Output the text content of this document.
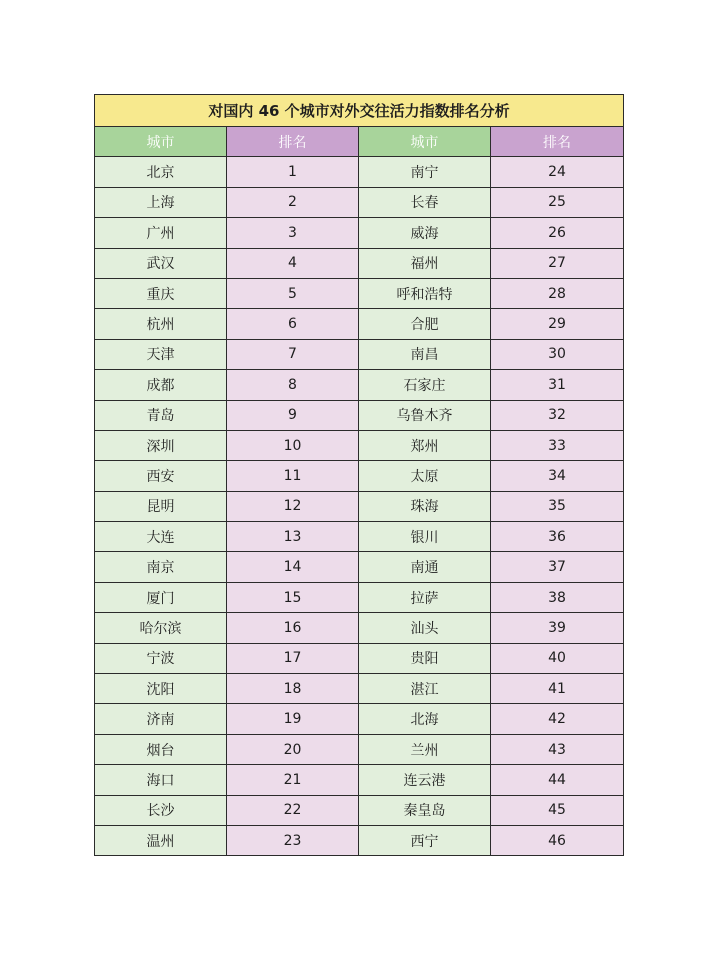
对国内 46 个城市对外交往活力指数排名分析			
城市	排名	城市	排名
北京	1	南宁	24
上海	2	长春	25
广州	3	威海	26
武汉	4	福州	27
重庆	5	呼和浩特	28
杭州	6	合肥	29
天津	7	南昌	30
成都	8	石家庄	31
青岛	9	乌鲁木齐	32
深圳	10	郑州	33
西安	11	太原	34
昆明	12	珠海	35
大连	13	银川	36
南京	14	南通	37
厦门	15	拉萨	38
哈尔滨	16	汕头	39
宁波	17	贵阳	40
沈阳	18	湛江	41
济南	19	北海	42
烟台	20	兰州	43
海口	21	连云港	44
长沙	22	秦皇岛	45
温州	23	西宁	46
